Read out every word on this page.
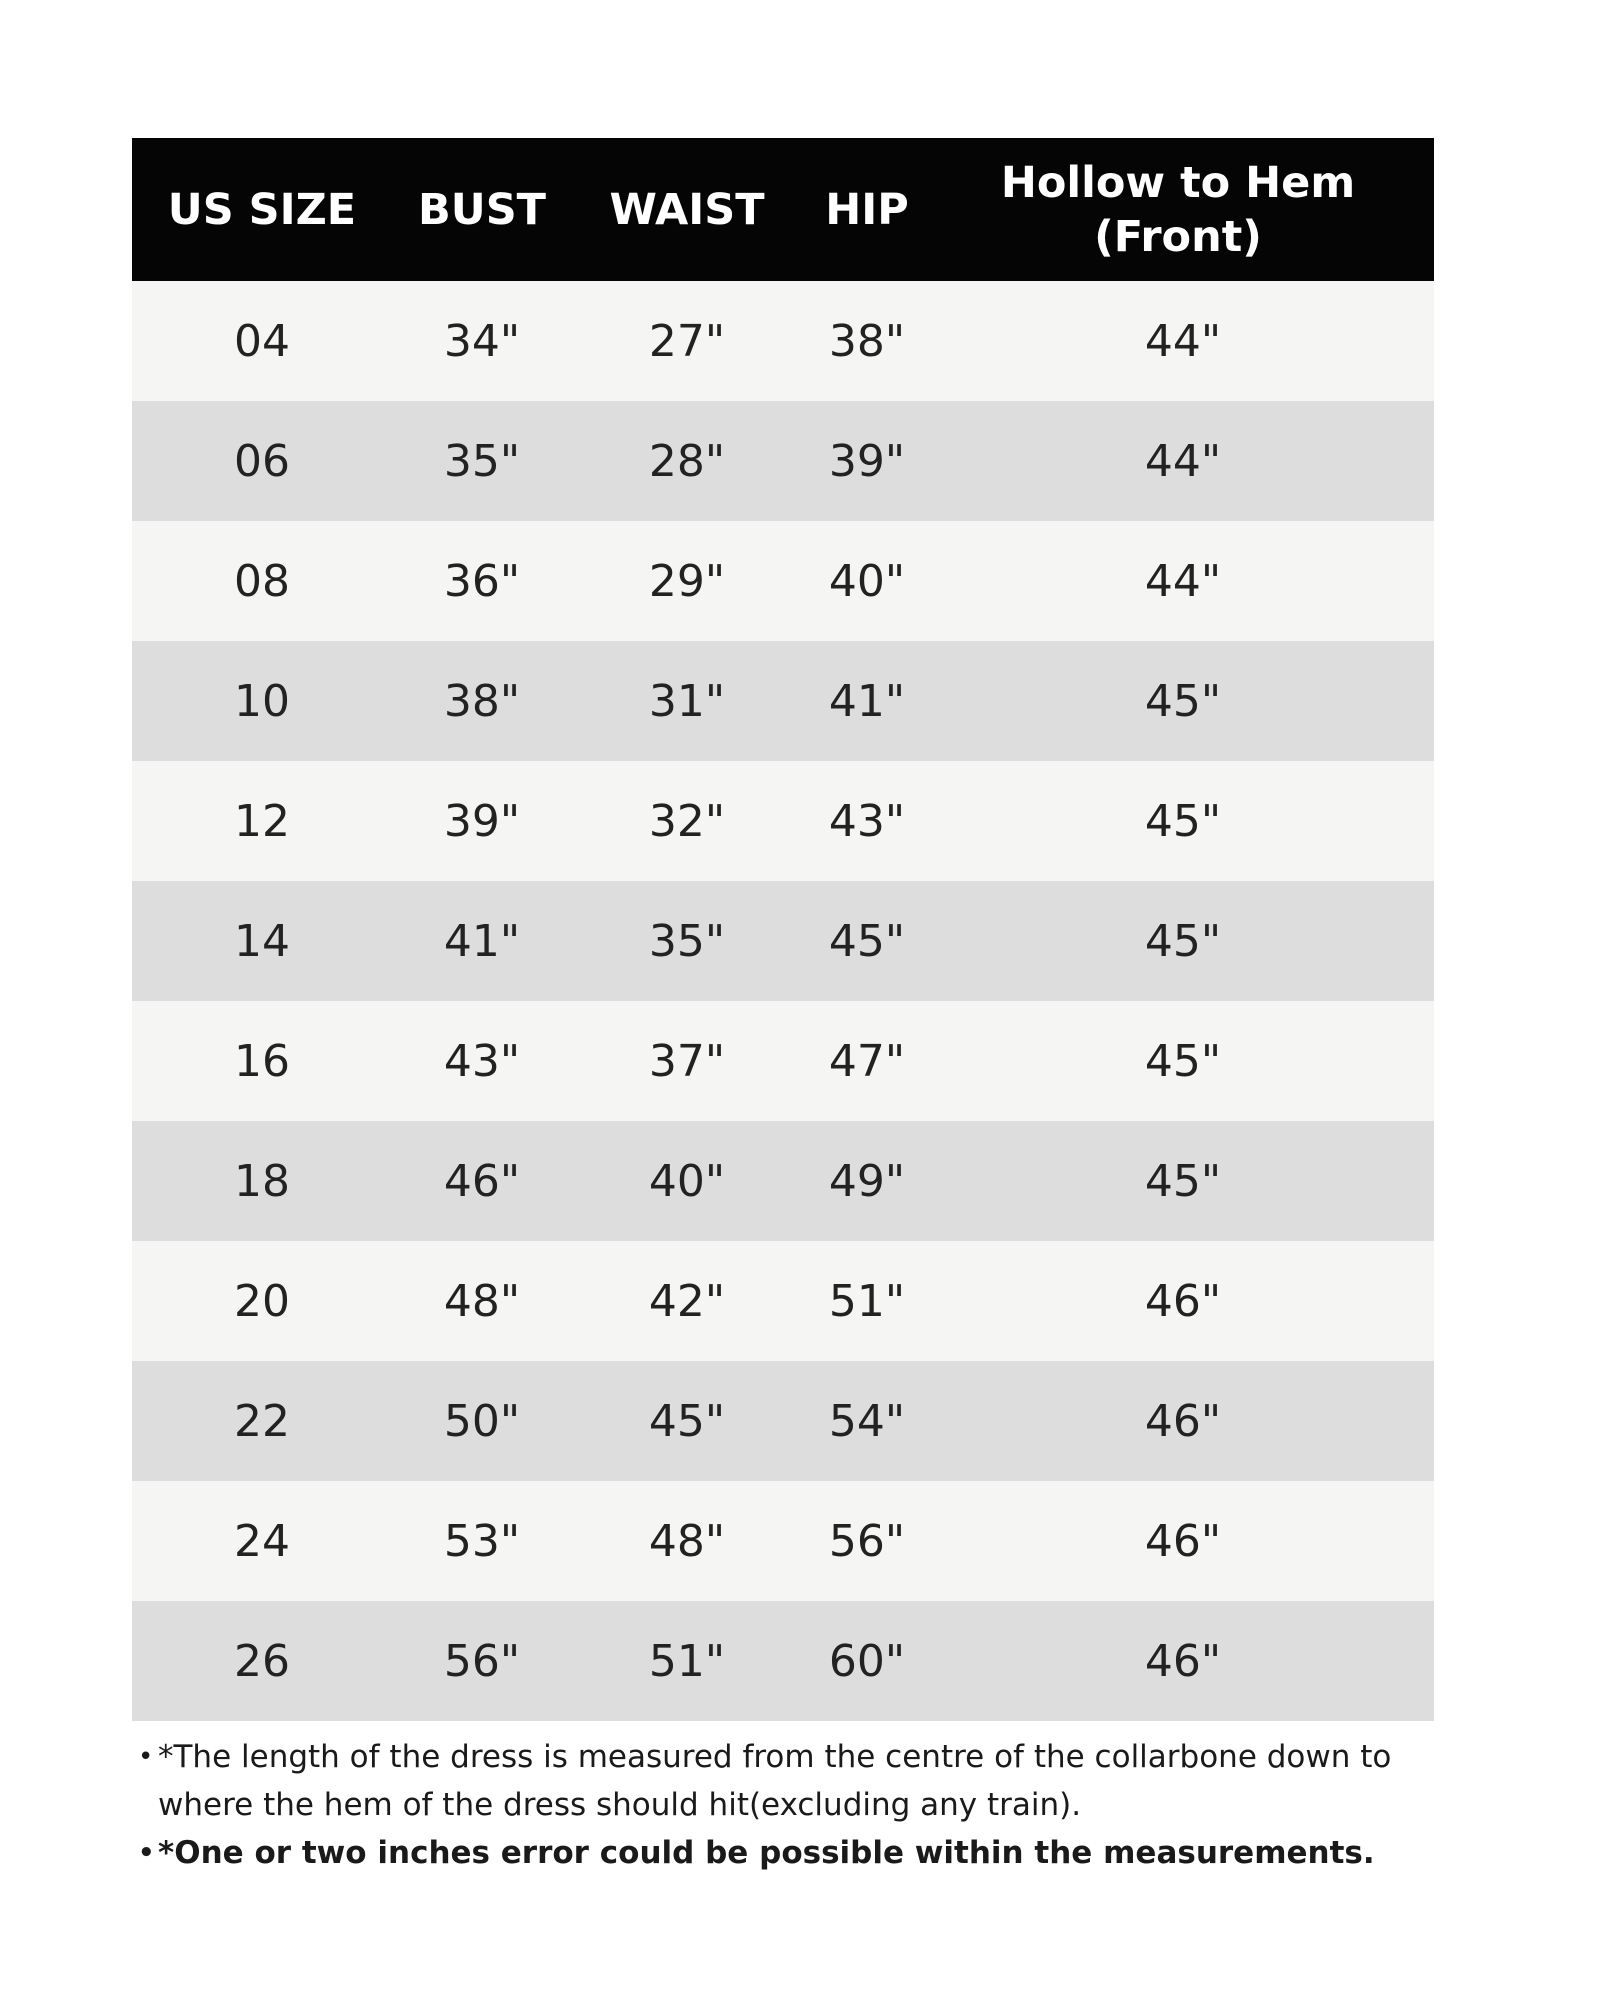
US SIZE	BUST	WAIST	HIP	Hollow to Hem
(Front)

04	34"	27"	38"	44"
06	35"	28"	39"	44"
08	36"	29"	40"	44"
10	38"	31"	41"	45"
12	39"	32"	43"	45"
14	41"	35"	45"	45"
16	43"	37"	47"	45"
18	46"	40"	49"	45"
20	48"	42"	51"	46"
22	50"	45"	54"	46"
24	53"	48"	56"	46"
26	56"	51"	60"	46"
• *The length of the dress is measured from the centre of the collarbone down to
where the hem of the dress should hit(excluding any train).
• *One or two inches error could be possible within the measurements.
